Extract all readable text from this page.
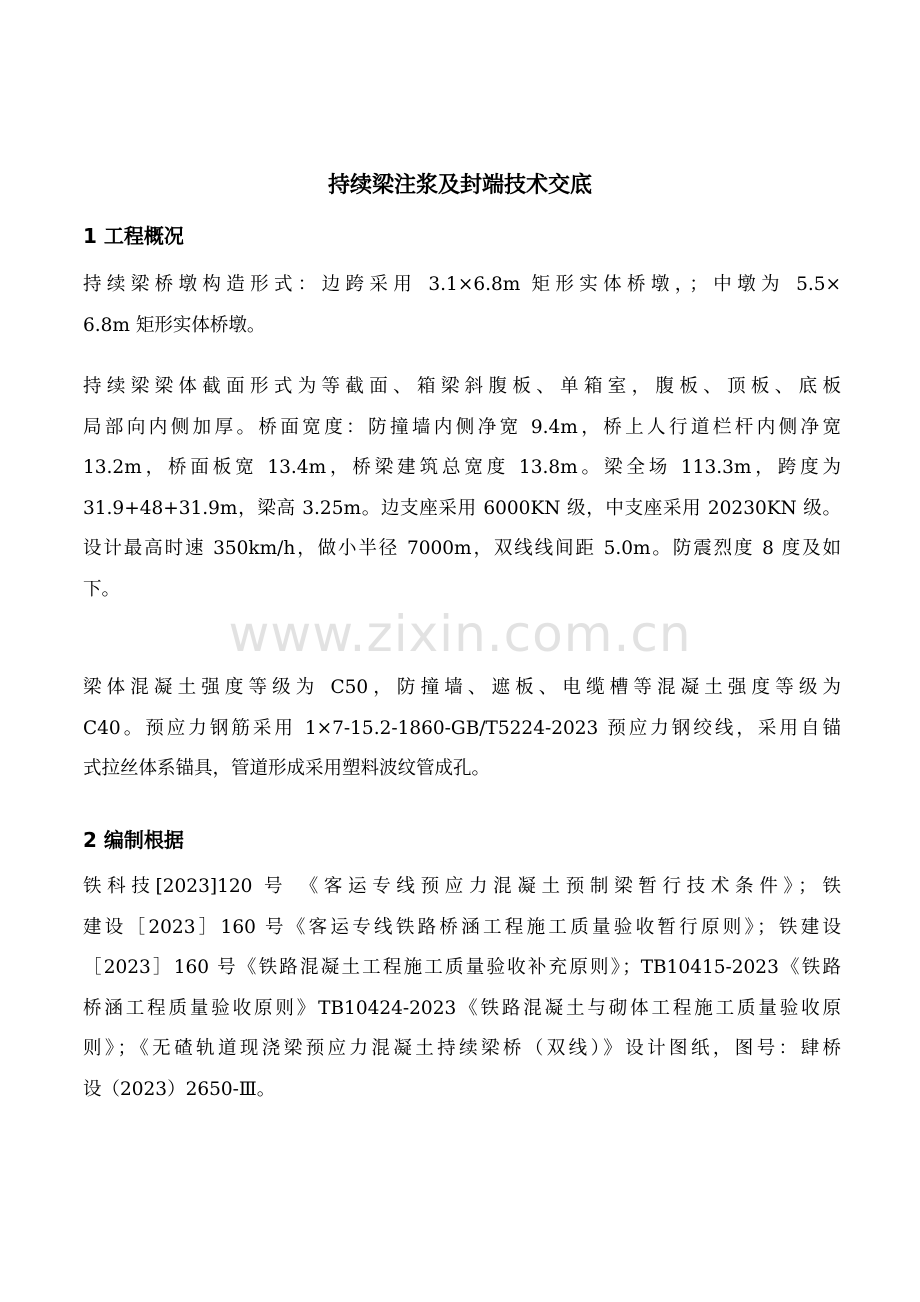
持续梁注浆及封端技术交底
1 工程概况
持续梁桥墩构造形式：边跨采用 3.1×6.8m 矩形实体桥墩，；中墩为 5.5×
6.8m 矩形实体桥墩。
持续梁梁体截面形式为等截面、箱梁斜腹板、单箱室，腹板、顶板、底板
局部向内侧加厚。桥面宽度：防撞墙内侧净宽 9.4m，桥上人行道栏杆内侧净宽
13.2m，桥面板宽 13.4m，桥梁建筑总宽度 13.8m。梁全场 113.3m，跨度为
31.9+48+31.9m，梁高 3.25m。边支座采用 6000KN 级，中支座采用 20230KN 级。
设计最高时速 350km/h，做小半径 7000m，双线线间距 5.0m。防震烈度 8 度及如
下。
梁体混凝土强度等级为 C50，防撞墙、遮板、电缆槽等混凝土强度等级为
C40。预应力钢筋采用 1×7-15.2-1860-GB/T5224-2023 预应力钢绞线，采用自锚
式拉丝体系锚具，管道形成采用塑料波纹管成孔。
2 编制根据
铁科技[2023]120 号 《客运专线预应力混凝土预制梁暂行技术条件》；铁
建设［2023］160 号《客运专线铁路桥涵工程施工质量验收暂行原则》；铁建设
［2023］160 号《铁路混凝土工程施工质量验收补充原则》；TB10415-2023《铁路
桥涵工程质量验收原则》TB10424-2023《铁路混凝土与砌体工程施工质量验收原
则》；《无碴轨道现浇梁预应力混凝土持续梁桥（双线）》设计图纸，图号：肆桥
设（2023）2650-Ⅲ。
www.zixin.com.cn
